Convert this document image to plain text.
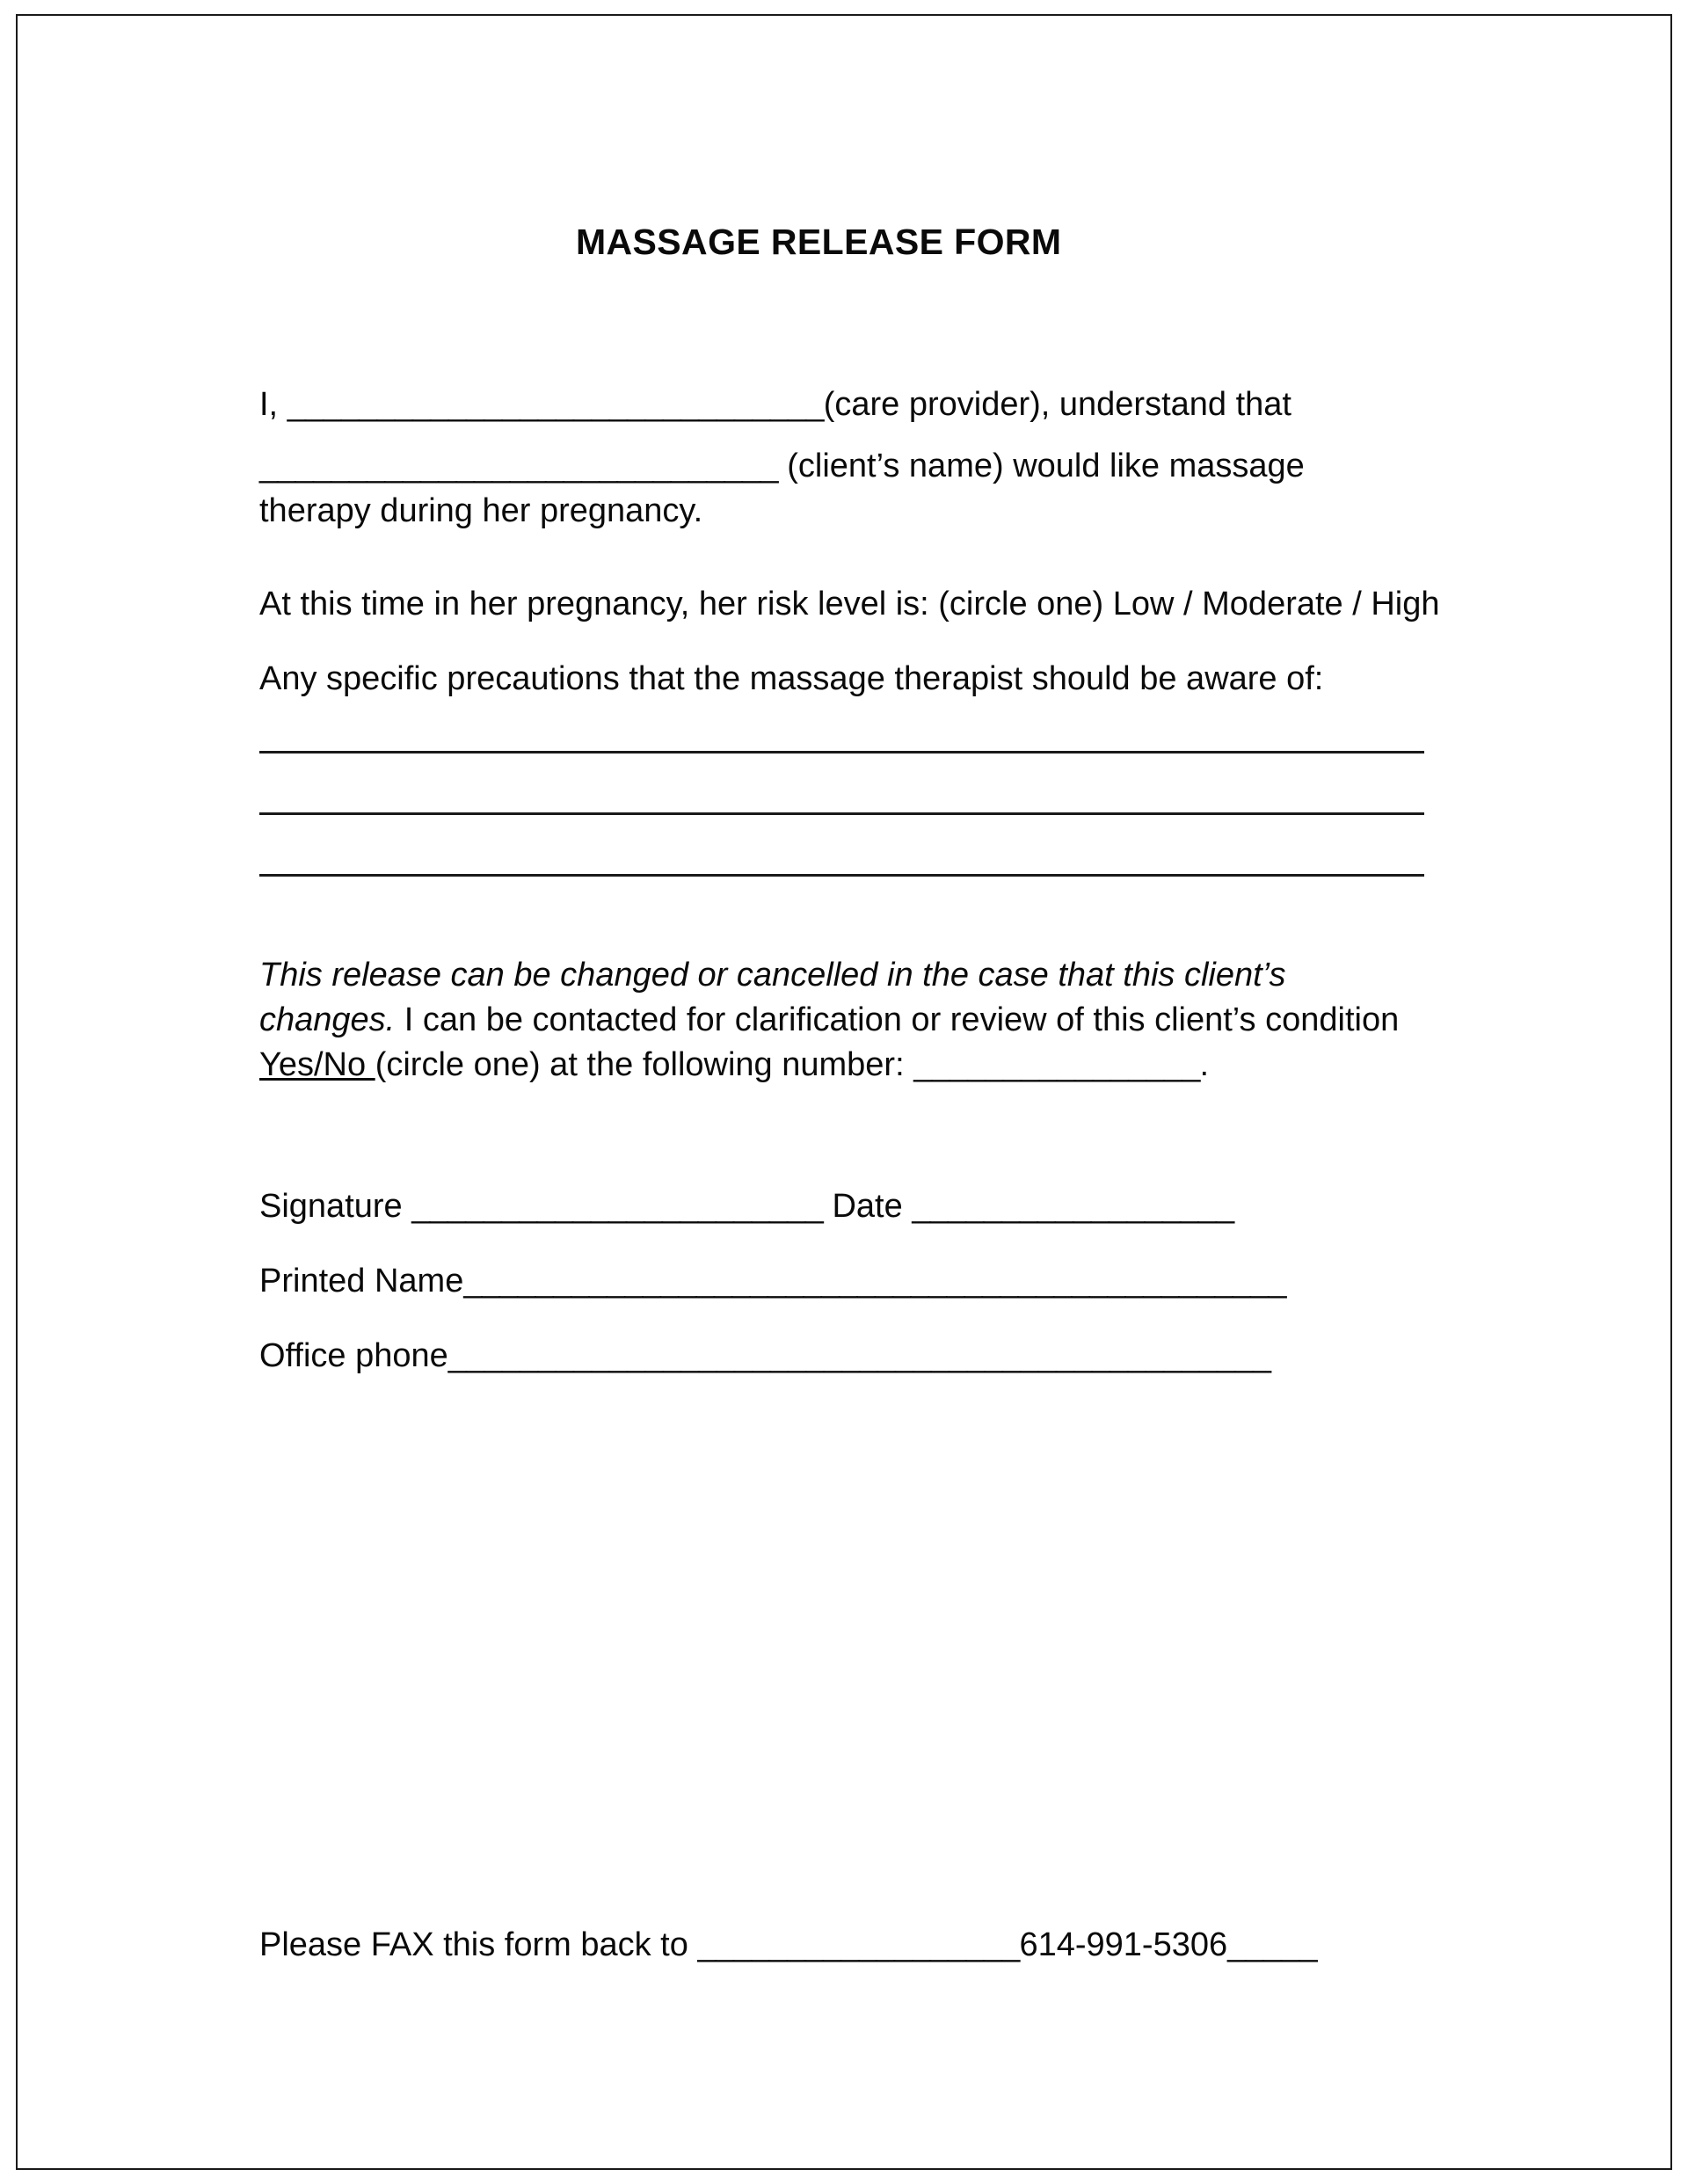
MASSAGE RELEASE FORM
I, ______________________________(care provider), understand that
_____________________________ (client’s name) would like massage
therapy during her pregnancy.
At this time in her pregnancy, her risk level is: (circle one) Low / Moderate / High
Any specific precautions that the massage therapist should be aware of:
This release can be changed or cancelled in the case that this client’s
changes. I can be contacted for clarification or review of this client’s condition
Yes/No (circle one) at the following number: ________________.
Signature _______________________ Date __________________
Printed Name______________________________________________
Office phone______________________________________________
Please FAX this form back to __________________614-991-5306_____
